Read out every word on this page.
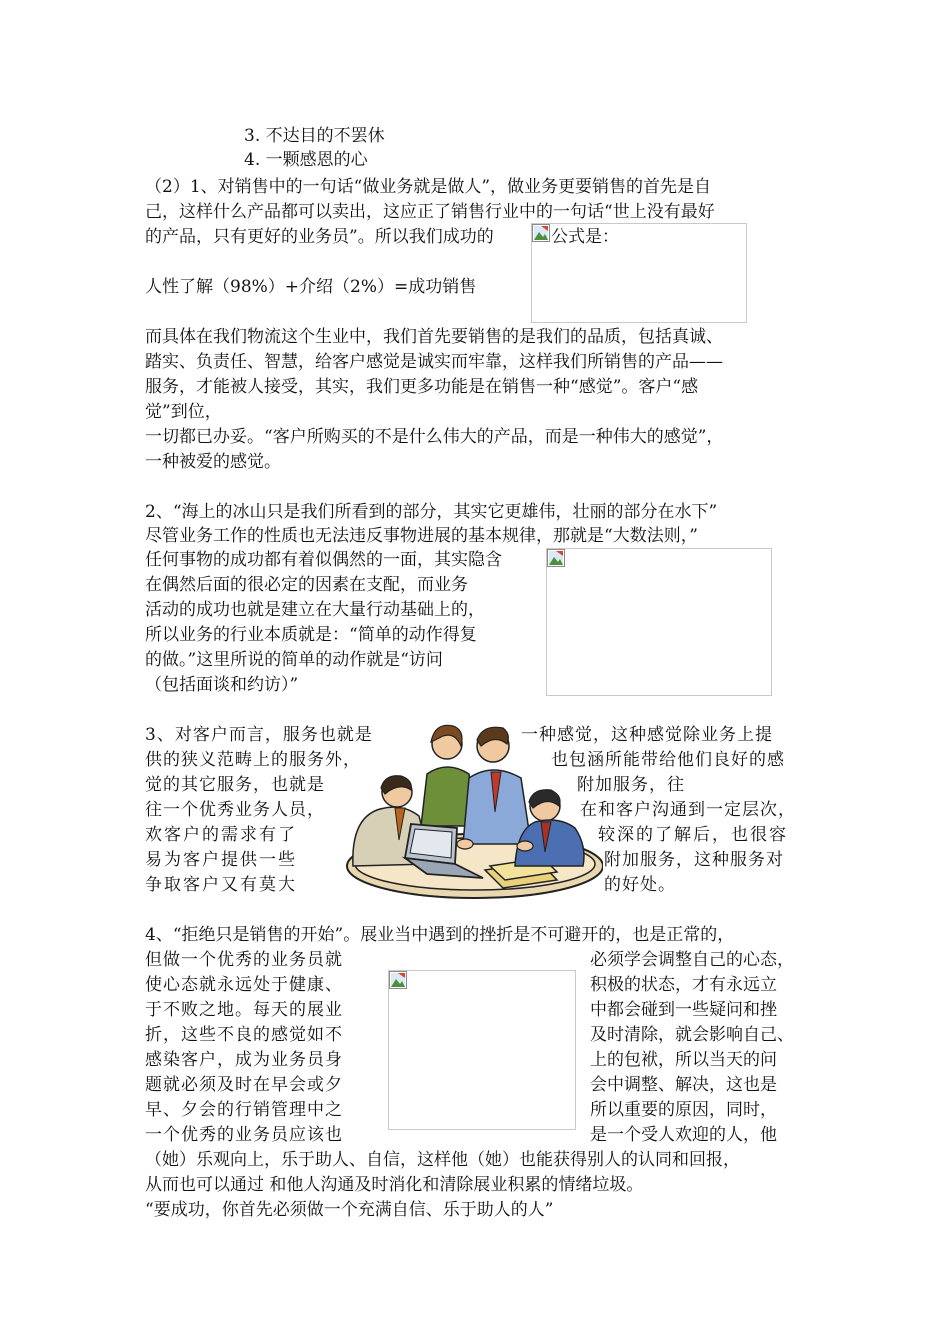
3. 不达目的不罢休
4. 一颗感恩的心
（2）1、对销售中的一句话“做业务就是做人”，做业务更要销售的首先是自
己，这样什么产品都可以卖出，这应正了销售行业中的一句话“世上没有最好
的产品，只有更好的业务员”。所以我们成功的	公式是：
人性了解（98%）+介绍（2%）=成功销售
而具体在我们物流这个生业中，我们首先要销售的是我们的品质，包括真诚、
踏实、负责任、智慧，给客户感觉是诚实而牢靠，这样我们所销售的产品——
服务，才能被人接受，其实，我们更多功能是在销售一种“感觉”。客户“感
觉”到位，
一切都已办妥。“客户所购买的不是什么伟大的产品，而是一种伟大的感觉”，
一种被爱的感觉。
2、“海上的冰山只是我们所看到的部分，其实它更雄伟，壮丽的部分在水下”
尽管业务工作的性质也无法违反事物进展的基本规律，那就是“大数法则，”
任何事物的成功都有着似偶然的一面，其实隐含
在偶然后面的很必定的因素在支配，而业务
活动的成功也就是建立在大量行动基础上的，
所以业务的行业本质就是：“简单的动作得复
的做。”这里所说的简单的动作就是“访问
（包括面谈和约访）”
3、对客户而言，服务也就是	一种感觉，这种感觉除业务上提
供的狭义范畴上的服务外，	也包涵所能带给他们良好的感
觉的其它服务，也就是	附加服务，往
往一个优秀业务人员，	在和客户沟通到一定层次，
欢客户的需求有了	较深的了解后，也很容
易为客户提供一些	附加服务，这种服务对
争取客户又有莫大	的好处。
4、“拒绝只是销售的开始”。展业当中遇到的挫折是不可避开的，也是正常的，
但做一个优秀的业务员就	必须学会调整自己的心态，
使心态就永远处于健康、	积极的状态，才有永远立
于不败之地。每天的展业	中都会碰到一些疑问和挫
折，这些不良的感觉如不	及时清除，就会影响自己、
感染客户，成为业务员身	上的包袱，所以当天的问
题就必须及时在早会或夕	会中调整、解决，这也是
早、夕会的行销管理中之	所以重要的原因，同时，
一个优秀的业务员应该也	是一个受人欢迎的人，他
（她）乐观向上，乐于助人、自信，这样他（她）也能获得别人的认同和回报，
从而也可以通过 和他人沟通及时消化和清除展业积累的情绪垃圾。
“要成功，你首先必须做一个充满自信、乐于助人的人”
